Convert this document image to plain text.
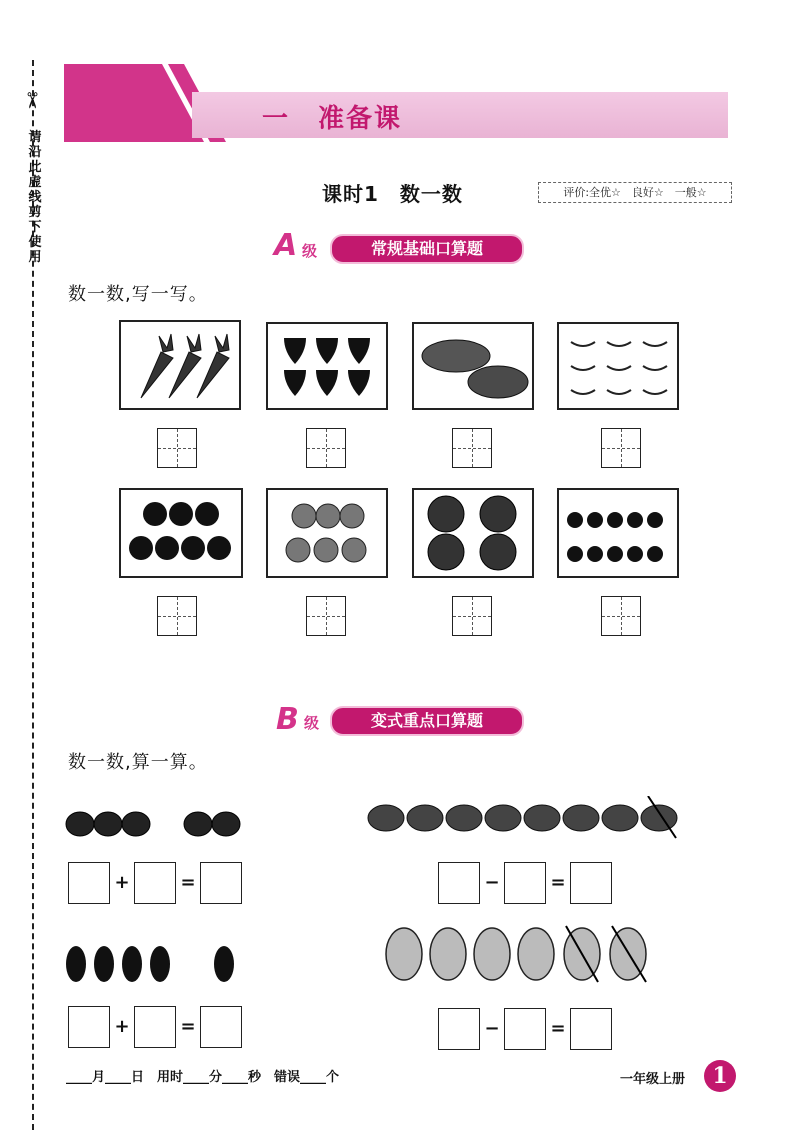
✂
请沿此虚线剪下使用
一　准备课
课时1　数一数	评价:全优☆　良好☆　一般☆
A 级	常规基础口算题
数一数,写一写。
B 级	变式重点口算题
数一数,算一算。
+	=	−	=
+	=	−	=
____月____日　用时____分____秒　错误____个	一年级上册	1
